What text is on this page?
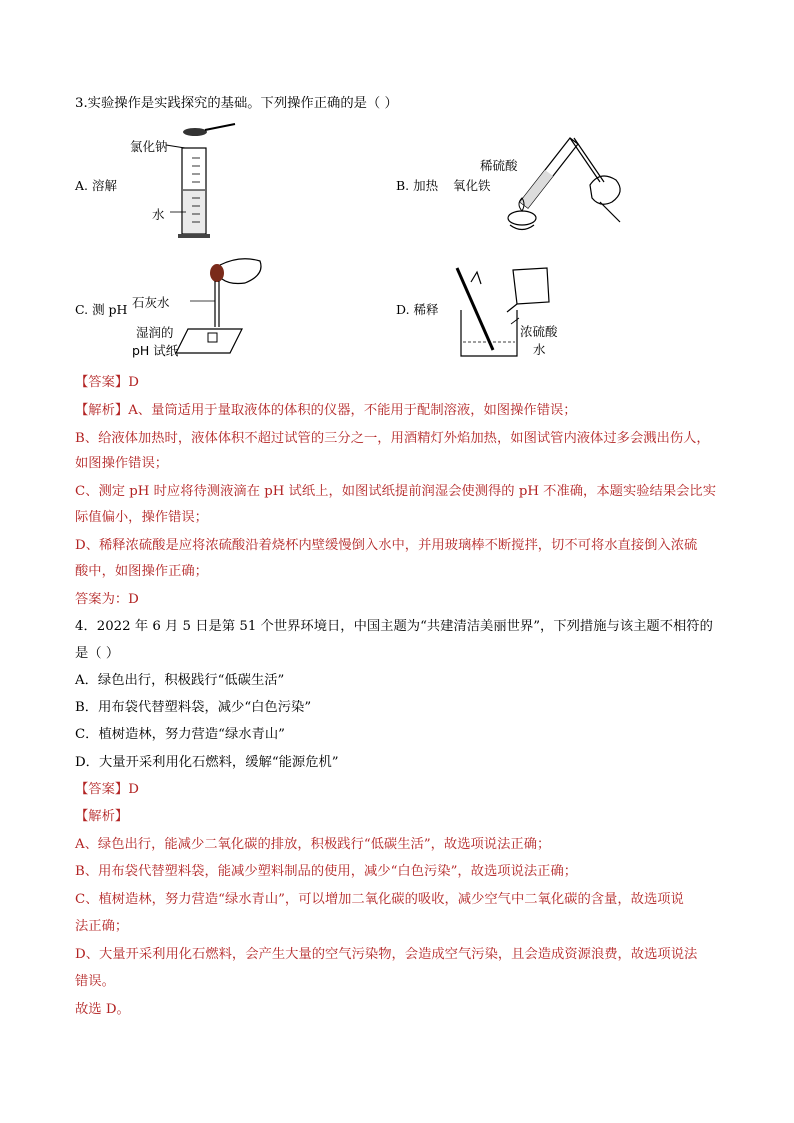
3.实验操作是实践探究的基础。下列操作正确的是（ ）
A. 溶解
氯化钠
水
B. 加热
稀硫酸
氧化铁
C. 测 pH 石灰水
湿润的
pH 试纸
D. 稀释
浓硫酸
水
【答案】D
【解析】A、量筒适用于量取液体的体积的仪器，不能用于配制溶液，如图操作错误；
B、给液体加热时，液体体积不超过试管的三分之一，用酒精灯外焰加热，如图试管内液体过多会溅出伤人，
如图操作错误；
C、测定 pH 时应将待测液滴在 pH 试纸上，如图试纸提前润湿会使测得的 pH 不准确，本题实验结果会比实
际值偏小，操作错误；
D、稀释浓硫酸是应将浓硫酸沿着烧杯内壁缓慢倒入水中，并用玻璃棒不断搅拌，切不可将水直接倒入浓硫
酸中，如图操作正确；
答案为：D
4．2022 年 6 月 5 日是第 51 个世界环境日，中国主题为“共建清洁美丽世界”，下列措施与该主题不相符的
是（ ）
A．绿色出行，积极践行“低碳生活”
B．用布袋代替塑料袋，减少“白色污染”
C．植树造林，努力营造“绿水青山”
D．大量开采利用化石燃料，缓解“能源危机”
【答案】D
【解析】
A、绿色出行，能减少二氧化碳的排放，积极践行“低碳生活”，故选项说法正确；
B、用布袋代替塑料袋，能减少塑料制品的使用，减少“白色污染”，故选项说法正确；
C、植树造林，努力营造“绿水青山”，可以增加二氧化碳的吸收，减少空气中二氧化碳的含量，故选项说
法正确；
D、大量开采利用化石燃料，会产生大量的空气污染物，会造成空气污染，且会造成资源浪费，故选项说法
错误。
故选 D。
